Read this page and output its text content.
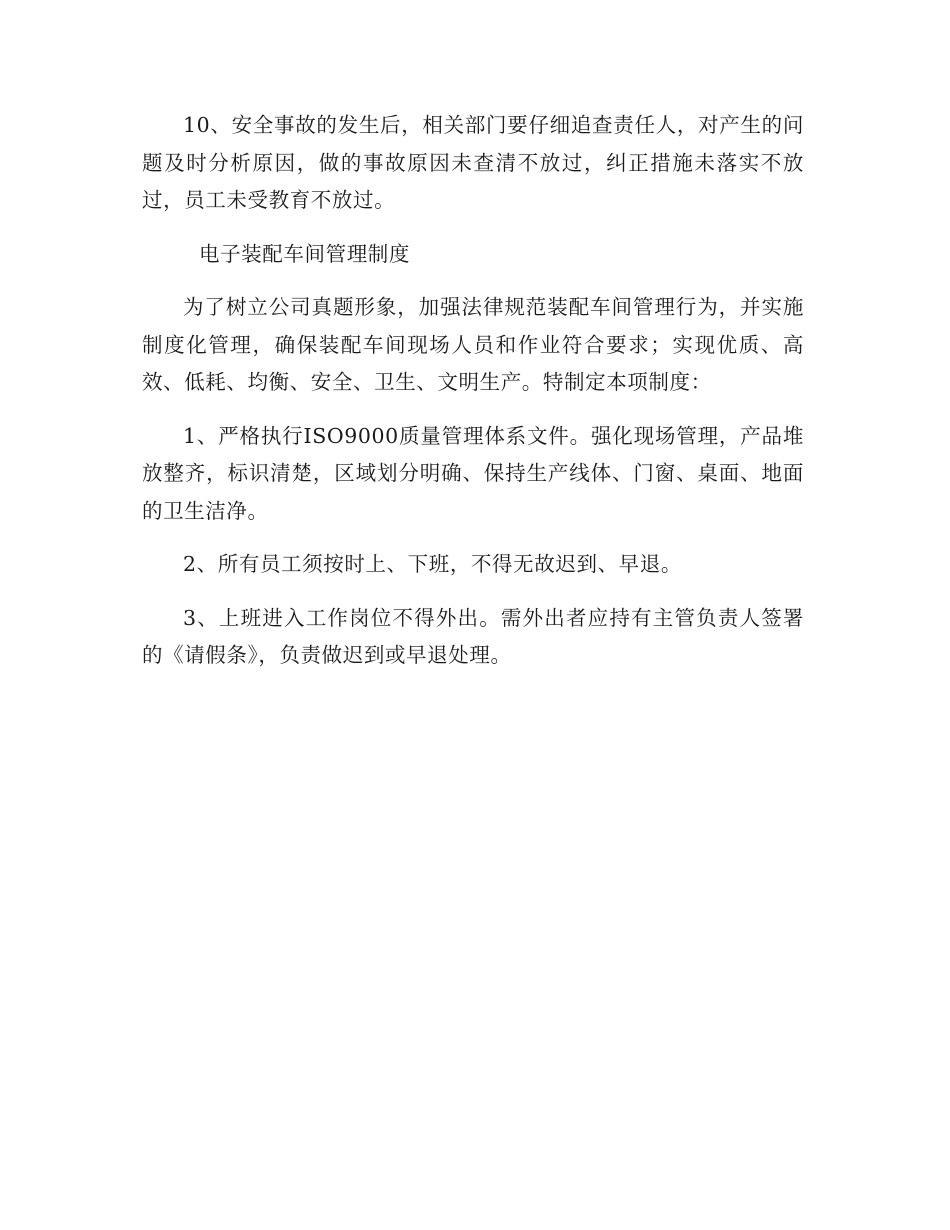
10、安全事故的发生后，相关部门要仔细追查责任人，对产生的问题及时分析原因，做的事故原因未查清不放过，纠正措施未落实不放过，员工未受教育不放过。

电子装配车间管理制度

为了树立公司真题形象，加强法律规范装配车间管理行为，并实施制度化管理，确保装配车间现场人员和作业符合要求；实现优质、高效、低耗、均衡、安全、卫生、文明生产。特制定本项制度：

1、严格执行ISO9000质量管理体系文件。强化现场管理，产品堆放整齐，标识清楚，区域划分明确、保持生产线体、门窗、桌面、地面的卫生洁净。

2、所有员工须按时上、下班，不得无故迟到、早退。

3、上班进入工作岗位不得外出。需外出者应持有主管负责人签署的《请假条》，负责做迟到或早退处理。
